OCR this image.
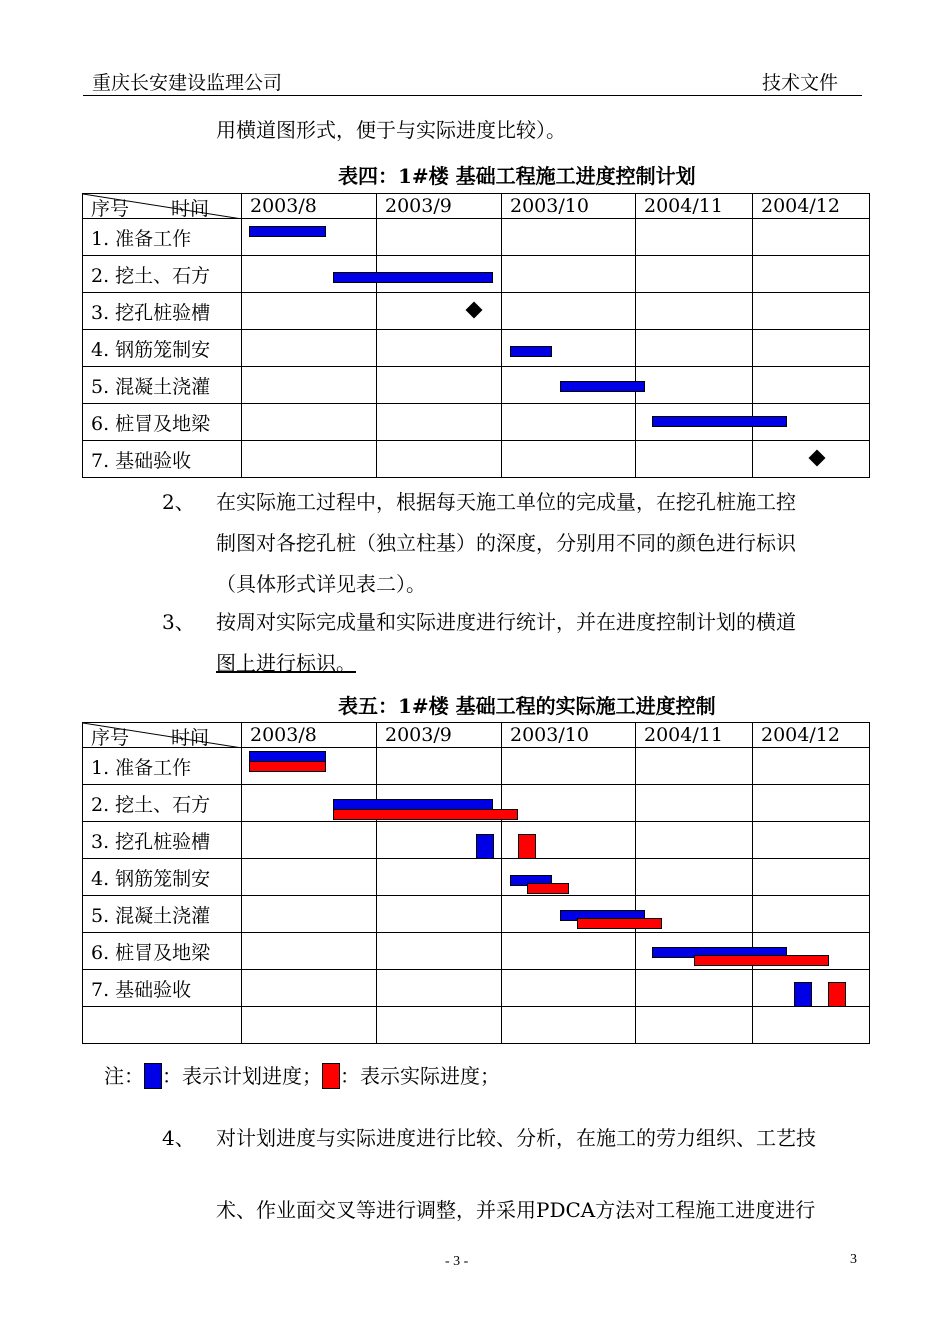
重庆长安建设监理公司	技术文件
用横道图形式，便于与实际进度比较）。
表四：1#楼 基础工程施工进度控制计划
序号 时间	2003/8	2003/9	2003/10	2004/11	2004/12
1. 准备工作	

2. 挖土、石方	

3. 挖孔桩验槽		

4. 钢筋笼制安			

5. 混凝土浇灌			

6. 桩冒及地梁				

7. 基础验收					
2、 在实际施工过程中，根据每天施工单位的完成量，在挖孔桩施工控
制图对各挖孔桩（独立柱基）的深度，分别用不同的颜色进行标识
（具体形式详见表二）。
3、 按周对实际完成量和实际进度进行统计，并在进度控制计划的横道
图上进行标识。
表五：1#楼 基础工程的实际施工进度控制
序号 时间	2003/8	2003/9	2003/10	2004/11	2004/12
1. 准备工作	

2. 挖土、石方	

3. 挖孔桩验槽		

4. 钢筋笼制安			

5. 混凝土浇灌			

6. 桩冒及地梁				

7. 基础验收					

注： ：表示计划进度； ：表示实际进度；
4、 对计划进度与实际进度进行比较、分析，在施工的劳力组织、工艺技
术、作业面交叉等进行调整，并采用PDCA方法对工程施工进度进行
- 3 -	3
